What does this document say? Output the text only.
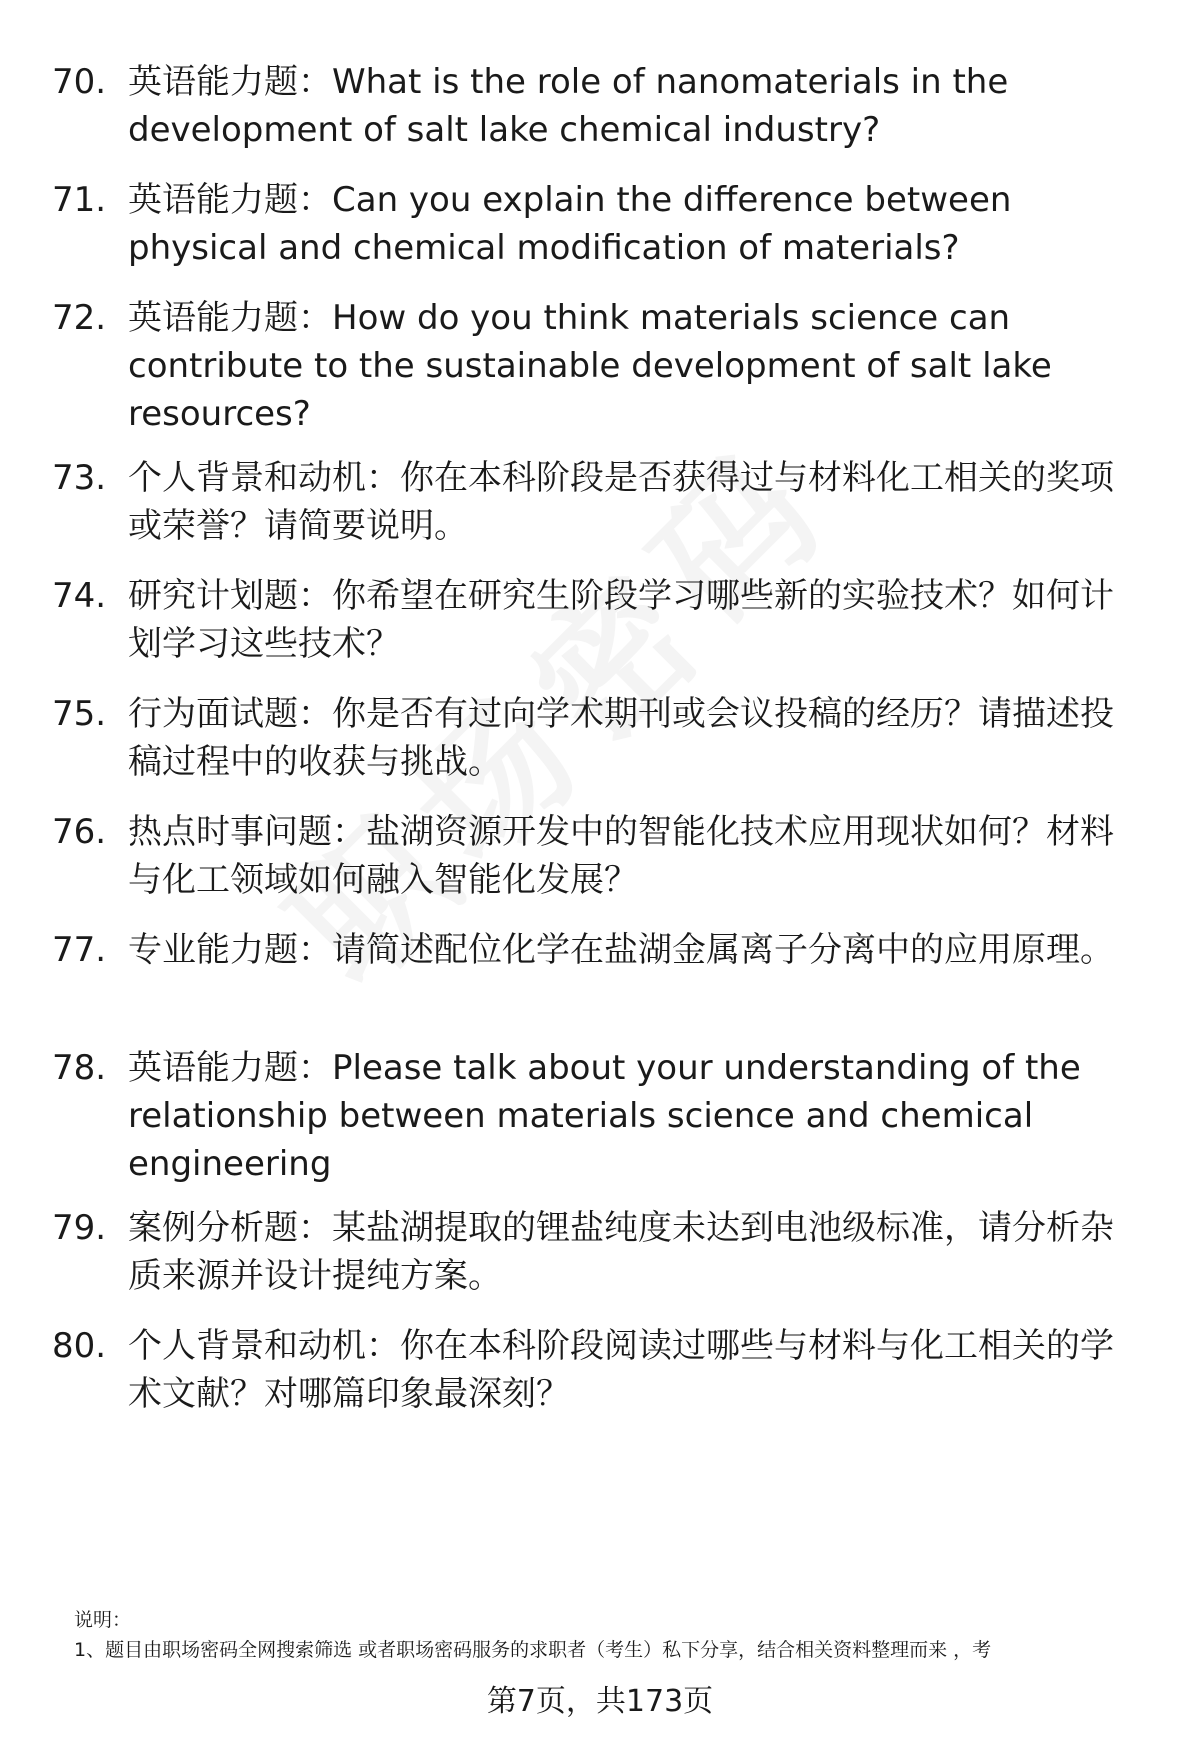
70. 英语能力题：What is the role of nanomaterials in the development of salt lake chemical industry?
71. 英语能力题：Can you explain the difference between physical and chemical modification of materials?
72. 英语能力题：How do you think materials science can contribute to the sustainable development of salt lake resources?
73. 个人背景和动机：你在本科阶段是否获得过与材料化工相关的奖项或荣誉？请简要说明。
74. 研究计划题：你希望在研究生阶段学习哪些新的实验技术？如何计划学习这些技术？
75. 行为面试题：你是否有过向学术期刊或会议投稿的经历？请描述投稿过程中的收获与挑战。
76. 热点时事问题：盐湖资源开发中的智能化技术应用现状如何？材料与化工领域如何融入智能化发展？
77. 专业能力题：请简述配位化学在盐湖金属离子分离中的应用原理。
78. 英语能力题：Please talk about your understanding of the relationship between materials science and chemical engineering
79. 案例分析题：某盐湖提取的锂盐纯度未达到电池级标准，请分析杂质来源并设计提纯方案。
80. 个人背景和动机：你在本科阶段阅读过哪些与材料与化工相关的学术文献？对哪篇印象最深刻？
说明：
1、题目由职场密码全网搜索筛选 或者职场密码服务的求职者（考生）私下分享，结合相关资料整理而来 ，考
第7页，共173页
